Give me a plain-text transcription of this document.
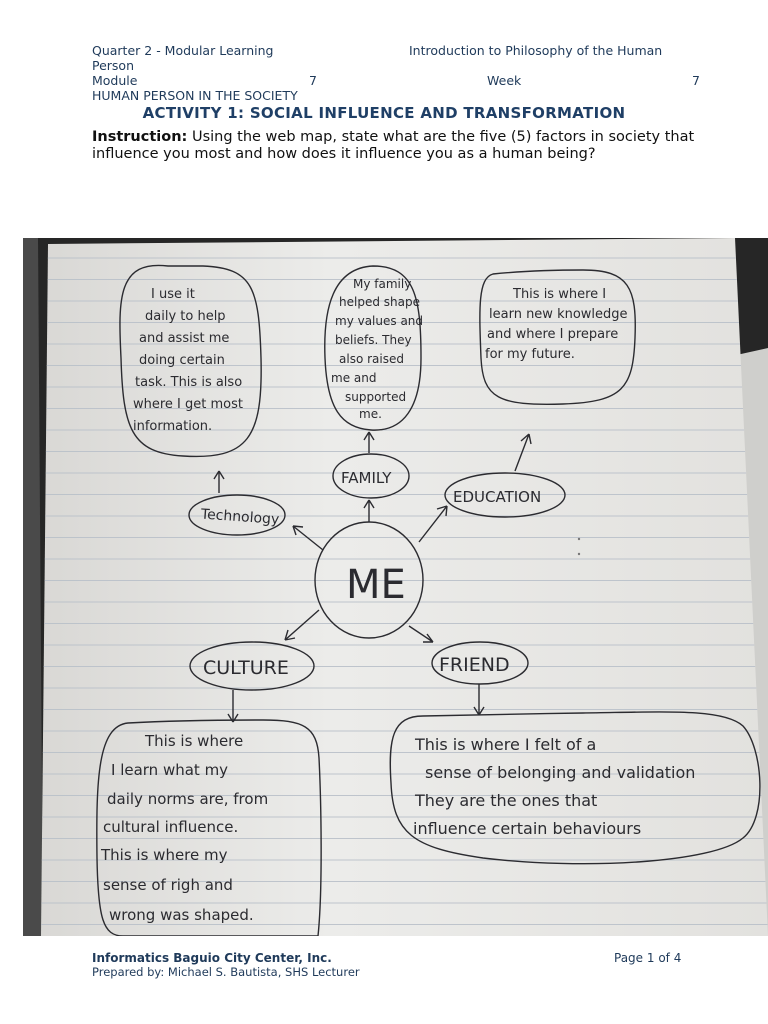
Quarter 2 - Modular Learning	Introduction to Philosophy of the Human
Person
Module	7	Week	7
HUMAN PERSON IN THE SOCIETY
ACTIVITY 1: SOCIAL INFLUENCE AND TRANSFORMATION
Instruction: Using the web map, state what are the five (5) factors in society that influence you most and how does it influence you as a human being?
ME
Technology
FAMILY
EDUCATION
CULTURE	FRIEND
I use it
daily to help
and assist me
doing certain
task. This is also
where I get most
information.
My family
helped shape
my values and
beliefs. They
also raised
me and
supported
me.
This is where I
learn new knowledge
and where I prepare
for my future.
This is where
I learn what my
daily norms are, from
cultural influence.
This is where my
sense of righ and
wrong was shaped.
This is where I felt of a
sense of belonging and validation
They are the ones that
influence certain behaviours
Informatics Baguio City Center, Inc.
Prepared by: Michael S. Bautista, SHS Lecturer
Page 1 of 4
